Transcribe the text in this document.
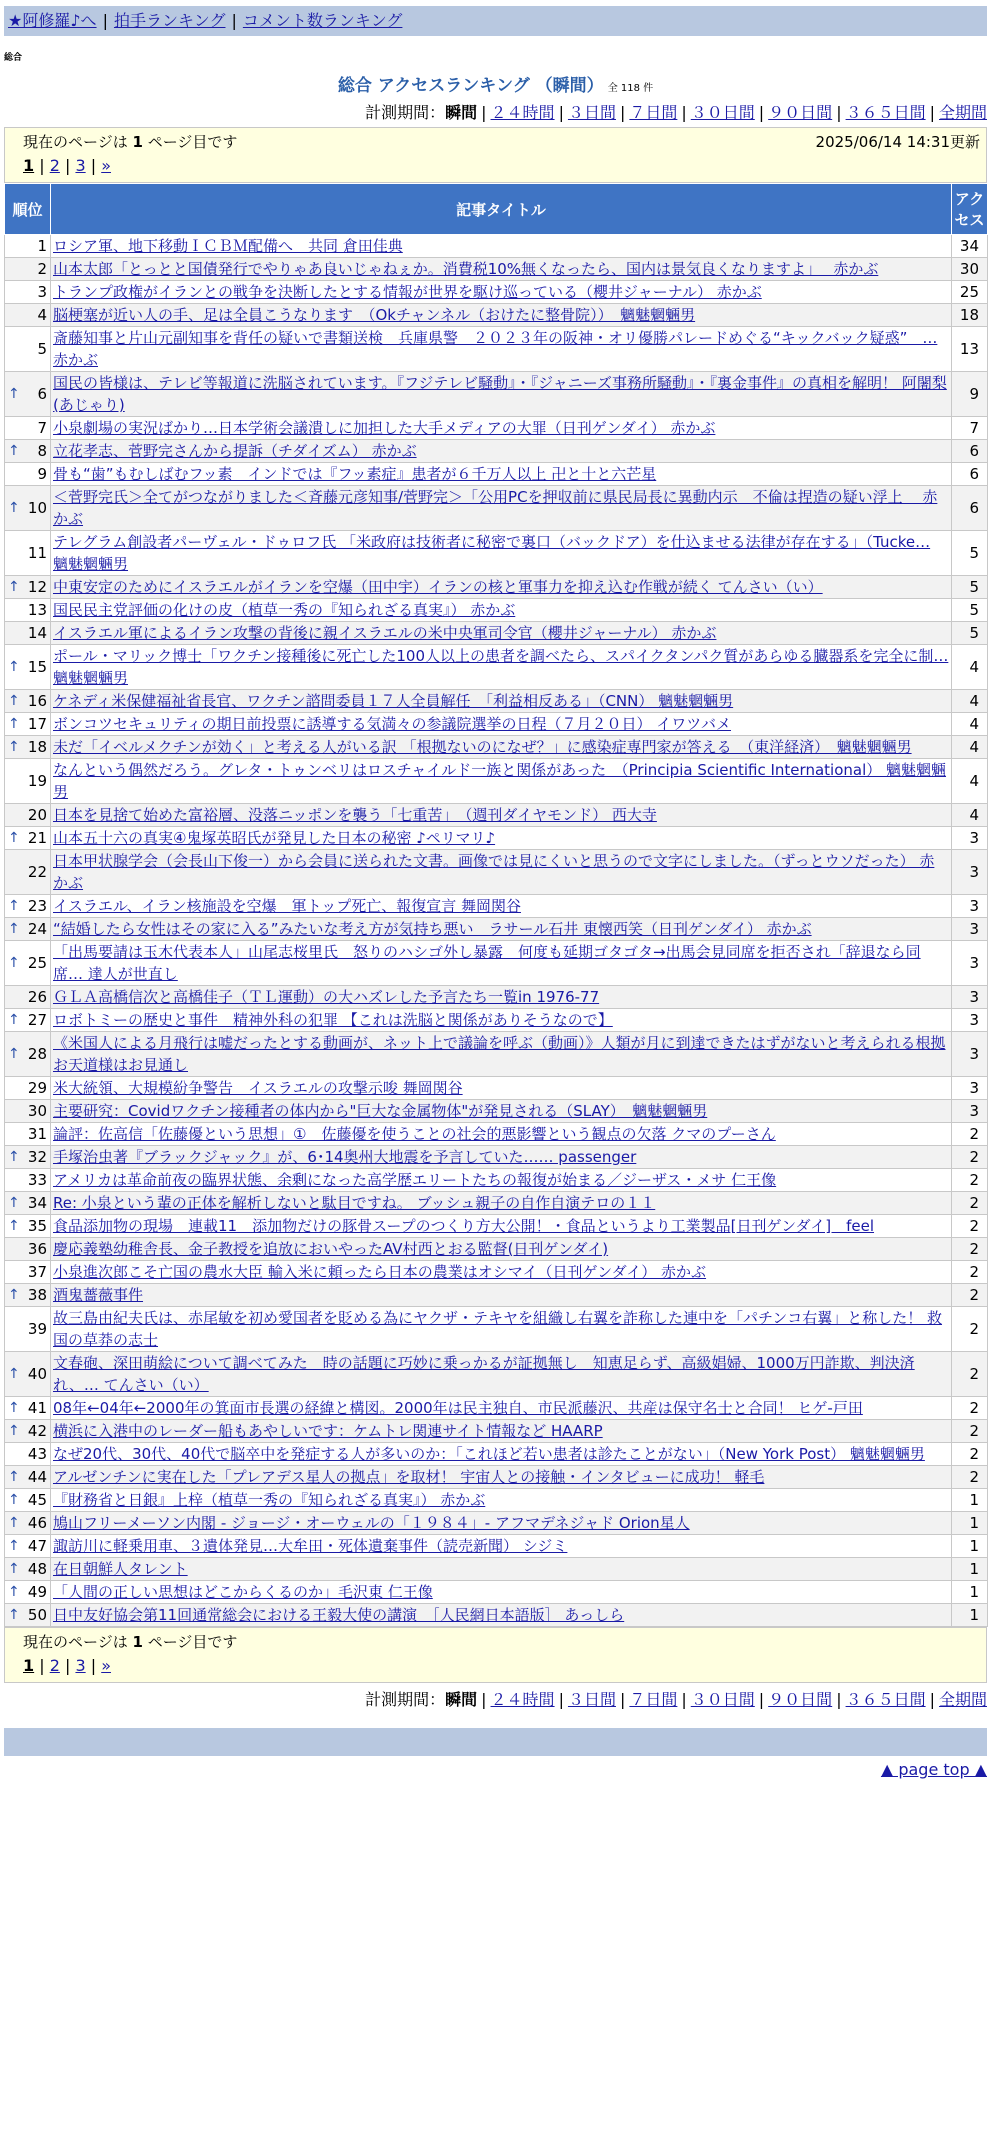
★阿修羅♪へ | 拍手ランキング | コメント数ランキング
総合
総合 アクセスランキング （瞬間） 全 118 件
計測期間：瞬間 | ２４時間 | ３日間 | ７日間 | ３０日間 | ９０日間 | ３６５日間 | 全期間
現在のページは 1 ページ目です	2025/06/14 14:31更新
1 | 2 | 3 | »
順位	記事タイトル	アクセス
1	ロシア軍、地下移動ＩＣＢＭ配備へ　共同 倉田佳典	34
2	山本太郎「とっとと国債発行でやりゃあ良いじゃねぇか。消費税10%無くなったら、国内は景気良くなりますよ」　 赤かぶ	30
3	トランプ政権がイランとの戦争を決断したとする情報が世界を駆け巡っている（櫻井ジャーナル） 赤かぶ	25
4	脳梗塞が近い人の手、足は全員こうなります　（Okチャンネル（おけたに整骨院））　魑魅魍魎男	18
5	斎藤知事と片山元副知事を背任の疑いで書類送検　兵庫県警　２０２３年の阪神・オリ優勝パレードめぐる“キックバック疑惑”　… 赤かぶ	13

↑ 6	国民の皆様は、テレビ等報道に洗脳されています。『フジテレビ騒動』・『ジャニーズ事務所騒動』・『裏金事件』の真相を解明！ 阿闍梨(あじゃり)	9
7	小泉劇場の実況ばかり…日本学術会議潰しに加担した大手メディアの大罪（日刊ゲンダイ） 赤かぶ	7

↑ 8	立花孝志、菅野完さんから提訴（チダイズム） 赤かぶ	6
9	骨も“歯”もむしばむフッ素　インドでは『フッ素症』患者が６千万人以上 卍と十と六芒星	6

↑ 10	＜菅野完氏＞全てがつながりました＜斉藤元彦知事/菅野完＞「公用PCを押収前に県民局長に異動内示　不倫は捏造の疑い浮上　 赤かぶ	6
11	テレグラム創設者パーヴェル・ドゥロフ氏 「米政府は技術者に秘密で裏口（バックドア）を仕込ませる法律が存在する」（Tucke… 魑魅魍魎男	5

↑ 12	中東安定のためにイスラエルがイランを空爆（田中宇）イランの核と軍事力を抑え込む作戦が続く てんさい（い）	5
13	国民民主党評価の化けの皮（植草一秀の『知られざる真実』） 赤かぶ	5
14	イスラエル軍によるイラン攻撃の背後に親イスラエルの米中央軍司令官（櫻井ジャーナル） 赤かぶ	5

↑ 15	ポール・マリック博士「ワクチン接種後に死亡した100人以上の患者を調べたら、スパイクタンパク質があらゆる臓器系を完全に制… 魑魅魍魎男	4

↑ 16	ケネディ米保健福祉省長官、ワクチン諮問委員１７人全員解任　「利益相反ある」（CNN） 魑魅魍魎男	4

↑ 17	ボンコツセキュリティの期日前投票に誘導する気満々の参議院選挙の日程（７月２０日） イワツバメ	4

↑ 18	未だ「イベルメクチンが効く」と考える人がいる訳 「根拠ないのになぜ？」に感染症専門家が答える　（東洋経済）　魑魅魍魎男	4
19	なんという偶然だろう。グレタ・トゥンベリはロスチャイルド一族と関係があった　（Principia Scientific International） 魑魅魍魎男	4
20	日本を見捨て始めた富裕層、没落ニッポンを襲う「七重苦」　（週刊ダイヤモンド） 西大寺	4

↑ 21	山本五十六の真実④鬼塚英昭氏が発見した日本の秘密 ♪ペリマリ♪	3
22	日本甲状腺学会（会長山下俊一）から会員に送られた文書。画像では見にくいと思うので文字にしました。（ずっとウソだった） 赤かぶ	3

↑ 23	イスラエル、イラン核施設を空爆　軍トップ死亡、報復宣言 舞岡関谷	3

↑ 24	“結婚したら女性はその家に入る”みたいな考え方が気持ち悪い　ラサール石井 東懐西笑（日刊ゲンダイ） 赤かぶ	3

↑ 25	「出馬要請は玉木代表本人」山尾志桜里氏　怒りのハシゴ外し暴露　何度も延期ゴタゴタ→出馬会見同席を拒否され「辞退なら同席… 達人が世直し	3
26	ＧＬＡ高橋信次と高橋佳子（ＴＬ運動）の大ハズレした予言たち一覧in 1976-77	3

↑ 27	ロボトミーの歴史と事件　精神外科の犯罪 【これは洗脳と関係がありそうなので】	3

↑ 28	《米国人による月飛行は嘘だったとする動画が、ネット上で議論を呼ぶ（動画）》人類が月に到達できたはずがないと考えられる根拠 お天道様はお見通し	3
29	米大統領、大規模紛争警告　イスラエルの攻撃示唆 舞岡関谷	3
30	主要研究：Covidワクチン接種者の体内から"巨大な金属物体"が発見される（SLAY）　魑魅魍魎男	3
31	論評：佐高信「佐藤優という思想」①　佐藤優を使うことの社会的悪影響という観点の欠落 クマのプーさん	2

↑ 32	手塚治虫著『ブラックジャック』が、6･14奥州大地震を予言していた…… passenger	2
33	アメリカは革命前夜の臨界状態、余剰になった高学歴エリートたちの報復が始まる／ジーザス・メサ 仁王像	2

↑ 34	Re: 小泉という輩の正体を解析しないと駄目ですね。 ブッシュ親子の自作自演テロの１１	2

↑ 35	食品添加物の現場　連載11　添加物だけの豚骨スープのつくり方大公開！・食品というより工業製品[日刊ゲンダイ]　feel	2
36	慶応義塾幼稚舎長、金子教授を追放においやったAV村西とおる監督(日刊ゲンダイ)	2
37	小泉進次郎こそ亡国の農水大臣 輸入米に頼ったら日本の農業はオシマイ（日刊ゲンダイ） 赤かぶ	2

↑ 38	酒鬼薔薇事件	2
39	故三島由紀夫氏は、赤尾敏を初め愛国者を貶める為にヤクザ・テキヤを組織し右翼を詐称した連中を「パチンコ右翼」と称した！ 救国の草莽の志士	2

↑ 40	文春砲、深田萌絵について調べてみた　時の話題に巧妙に乗っかるが証拠無し　知恵足らず、高級娼婦、1000万円詐欺、判決済れ、… てんさい（い）	2

↑ 41	08年←04年←2000年の箕面市長選の経緯と構図。2000年は民主独自、市民派藤沢、共産は保守名士と合同！ ヒゲ-戸田	2

↑ 42	横浜に入港中のレーダー船もあやしいです：ケムトレ関連サイト情報など HAARP	2
43	なぜ20代、30代、40代で脳卒中を発症する人が多いのか：「これほど若い患者は診たことがない」（New York Post） 魑魅魍魎男	2

↑ 44	アルゼンチンに実在した「プレアデス星人の拠点」を取材！ 宇宙人との接触・インタビューに成功！ 軽毛	2

↑ 45	『財務省と日銀』上梓（植草一秀の『知られざる真実』） 赤かぶ	1

↑ 46	鳩山フリーメーソン内閣 - ジョージ・オーウェルの「１９８４」- アフマデネジャド Orion星人	1

↑ 47	諏訪川に軽乗用車、３遺体発見…大牟田・死体遺棄事件（読売新聞） シジミ	1

↑ 48	在日朝鮮人タレント	1

↑ 49	「人間の正しい思想はどこからくるのか」毛沢東 仁王像	1

↑ 50	日中友好協会第11回通常総会における王毅大使の講演　［人民網日本語版］ あっしら	1
現在のページは 1 ページ目です
1 | 2 | 3 | »
計測期間：瞬間 | ２４時間 | ３日間 | ７日間 | ３０日間 | ９０日間 | ３６５日間 | 全期間
▲ page top ▲
